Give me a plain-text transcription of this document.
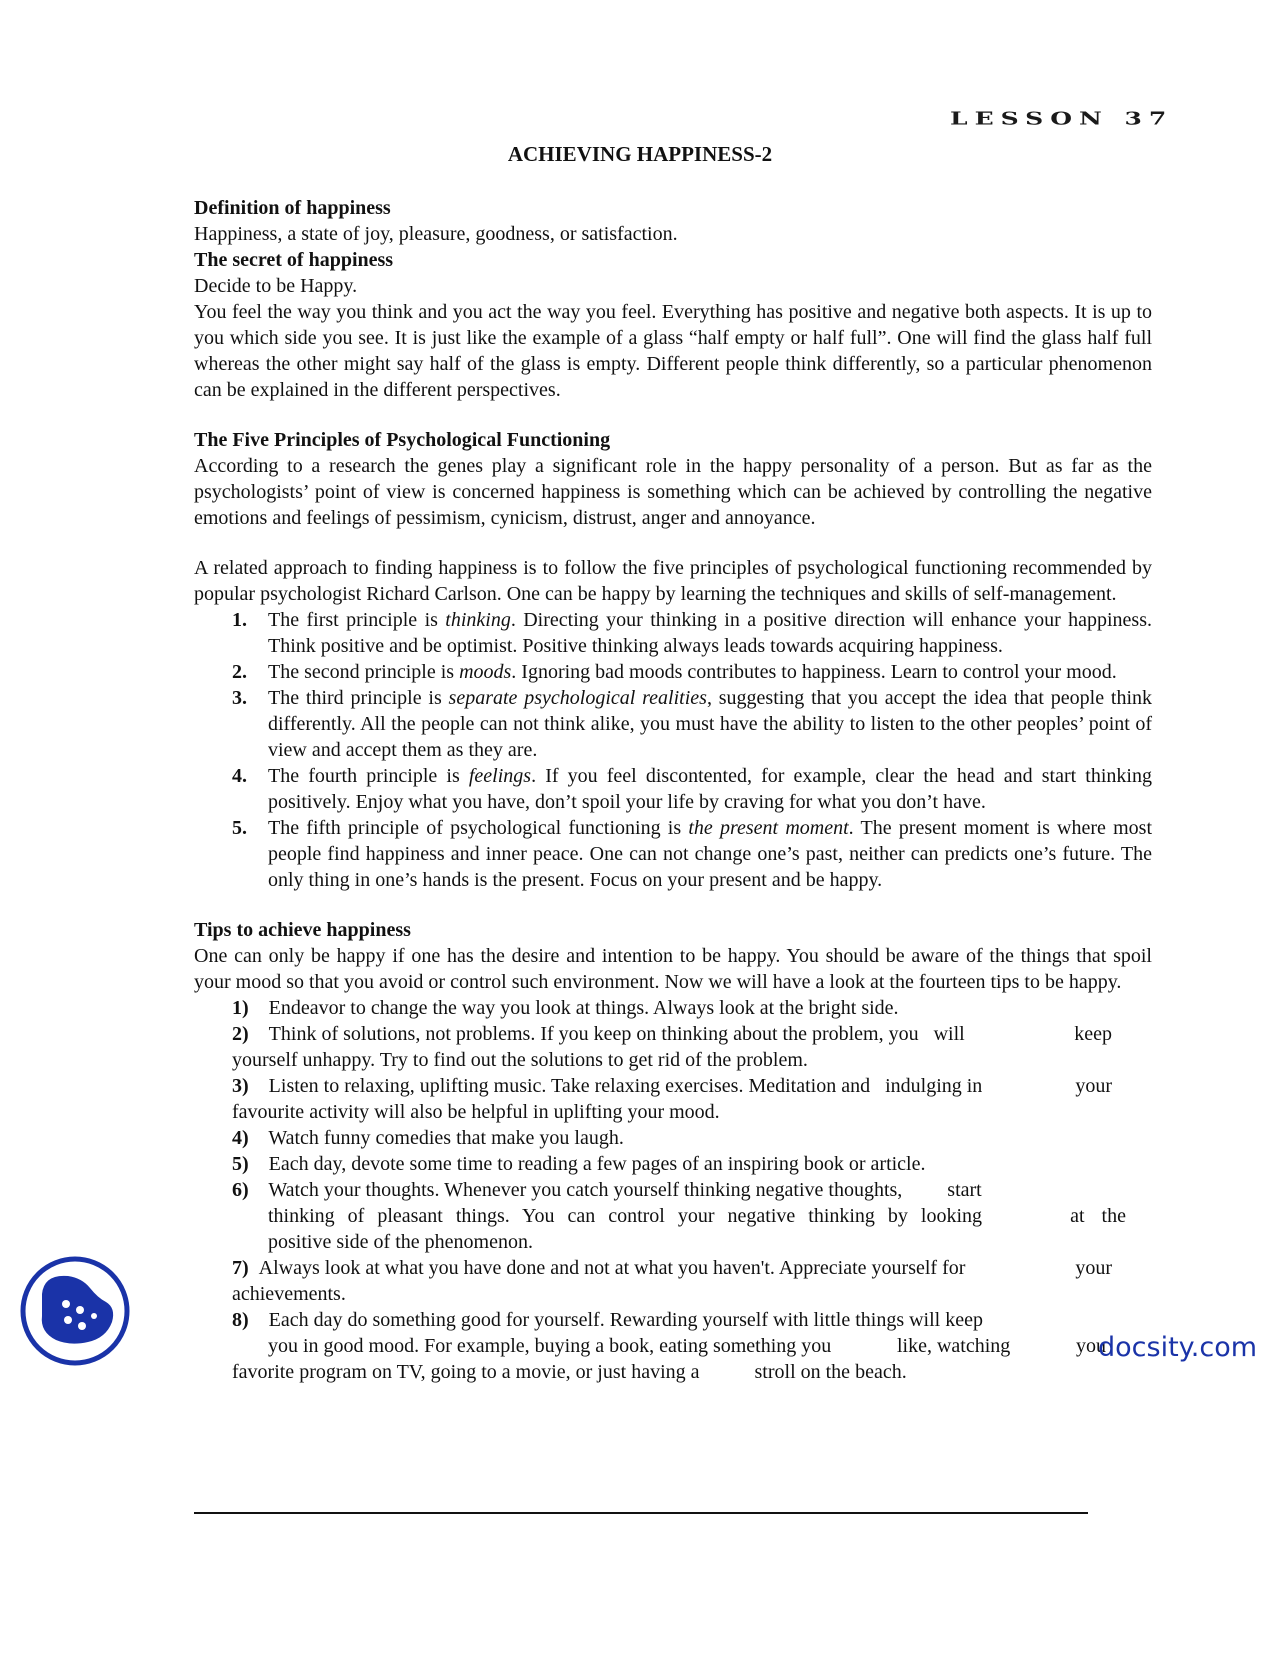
LESSON 37
ACHIEVING HAPPINESS-2
Definition of happiness

Happiness, a state of joy, pleasure, goodness, or satisfaction.

The secret of happiness

Decide to be Happy.

You feel the way you think and you act the way you feel. Everything has positive and negative both aspects. It is up to you which side you see. It is just like the example of a glass “half empty or half full”. One will find the glass half full whereas the other might say half of the glass is empty. Different people think differently, so a particular phenomenon can be explained in the different perspectives.

The Five Principles of Psychological Functioning

According to a research the genes play a significant role in the happy personality of a person. But as far as the psychologists’ point of view is concerned happiness is something which can be achieved by controlling the negative emotions and feelings of pessimism, cynicism, distrust, anger and annoyance.

A related approach to finding happiness is to follow the five principles of psychological functioning recommended by popular psychologist Richard Carlson. One can be happy by learning the techniques and skills of self-management.

1. The first principle is thinking. Directing your thinking in a positive direction will enhance your happiness. Think positive and be optimist. Positive thinking always leads towards acquiring happiness.
2. The second principle is moods. Ignoring bad moods contributes to happiness. Learn to control your mood.
3. The third principle is separate psychological realities, suggesting that you accept the idea that people think differently. All the people can not think alike, you must have the ability to listen to the other peoples’ point of view and accept them as they are.
4. The fourth principle is feelings. If you feel discontented, for example, clear the head and start thinking positively. Enjoy what you have, don’t spoil your life by craving for what you don’t have.
5. The fifth principle of psychological functioning is the present moment. The present moment is where most people find happiness and inner peace. One can not change one’s past, neither can predicts one’s future. The only thing in one’s hands is the present. Focus on your present and be happy.
Tips to achieve happiness

One can only be happy if one has the desire and intention to be happy. You should be aware of the things that spoil your mood so that you avoid or control such environment. Now we will have a look at the fourteen tips to be happy.

1) Endeavor to change the way you look at things. Always look at the bright side.
2) Think of solutions, not problems. If you keep on thinking about the problem, you will	keep
yourself unhappy. Try to find out the solutions to get rid of the problem.
3) Listen to relaxing, uplifting music. Take relaxing exercises. Meditation and indulging in	your
favourite activity will also be helpful in uplifting your mood.
4) Watch funny comedies that make you laugh.
5) Each day, devote some time to reading a few pages of an inspiring book or article.
6) Watch your thoughts. Whenever you catch yourself thinking negative thoughts, start
thinking of pleasant things. You can control your negative thinking by looking	at the
positive side of the phenomenon.
7) Always look at what you have done and not at what you haven't. Appreciate yourself for	your
achievements.
8) Each day do something good for yourself. Rewarding yourself with little things will keep
you in good mood. For example, buying a book, eating something you	like, watching	you
favorite program on TV, going to a movie, or just having a	stroll on the beach.
docsity.com
